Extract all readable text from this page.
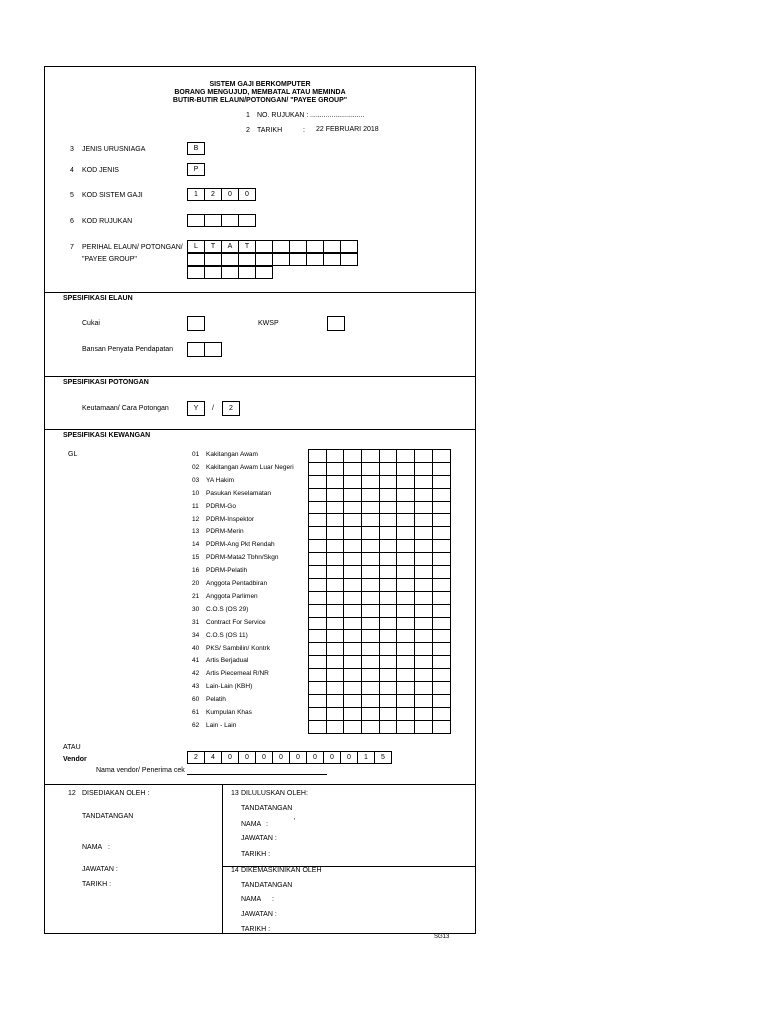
SISTEM GAJI BERKOMPUTER
BORANG MENGUJUD, MEMBATAL ATAU MEMINDA
BUTIR-BUTIR ELAUN/POTONGAN/ "PAYEE GROUP"
1 NO. RUJUKAN : ............................
2 TARIKH	: 22 FEBRUARI 2018
3 JENIS URUSNIAGA	B
4 KOD JENIS	P
5 KOD SISTEM GAJI	1	2	0	0
6 KOD RUJUKAN
7 PERIHAL ELAUN/ POTONGAN/
"PAYEE GROUP"
L	T	A	T
SPESIFIKASI ELAUN
Cukai	KWSP
Bansan Penyata Pendapatan
SPESIFIKASI POTONGAN
Keutamaan/ Cara Potongan	Y	/	2
SPESIFIKASI KEWANGAN
GL	01 Kakitangan Awam
02 Kakitangan Awam Luar Negeri
03 YA Hakim
10 Pasukan Keselamatan
11 PDRM-Go
12 PDRM-Inspektor
13 PDRM-Merin
14 PDRM-Ang Pkt Rendah
15 PDRM-Mata2 Tbhn/Skgn
16 PDRM-Pelatih
20 Anggota Pentadbiran
21 Anggota Parlimen
30 C.O.S (OS 29)
31 Contract For Service
34 C.O.S (OS 11)
40 PKS/ Sambilin/ Kontrk
41 Artis Berjadual
42 Artis Piecemeal R/NR
43 Lain-Lain (KBH)
60 Pelatih
61 Kumpulan Khas
62 Lain - Lain
ATAU
Vendor	2	4	0	0	0	0	0	0	0	0	1	5
Nama vendor/ Penerima cek
12 DISEDIAKAN OLEH :
TANDATANGAN
NAMA :
JAWATAN :
TARIKH :
13 DILULUSKAN OLEH:
TANDATANGAN
NAMA :	'
JAWATAN :
TARIKH :
14 DIKEMASKINIKAN OLEH
TANDATANGAN
NAMA :
JAWATAN :
TARIKH :
SG13
